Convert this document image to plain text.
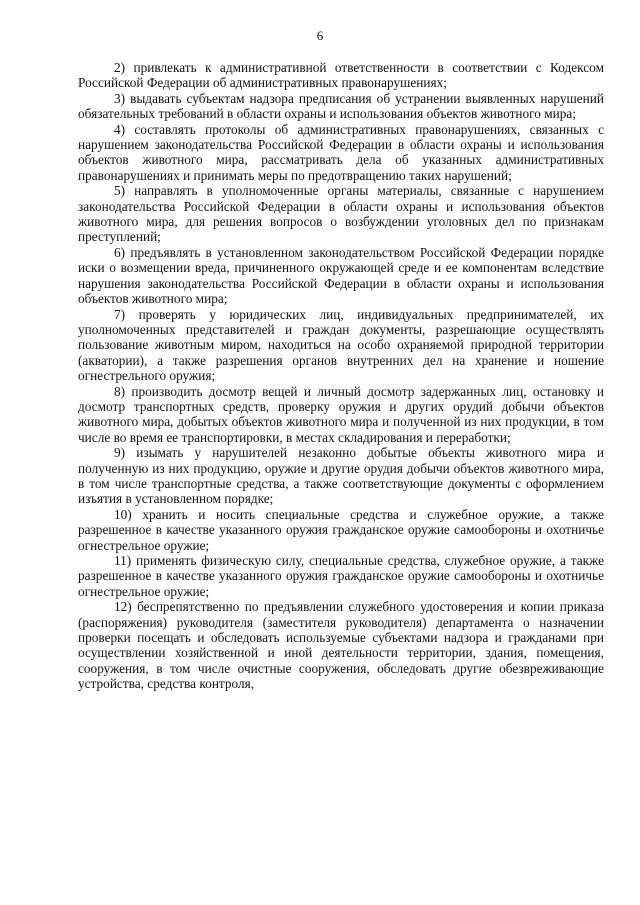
6

2) привлекать к административной ответственности в соответствии с Кодексом Российской Федерации об административных правонарушениях;

3) выдавать субъектам надзора предписания об устранении выявленных нарушений обязательных требований в области охраны и использования объектов животного мира;

4) составлять протоколы об административных правонарушениях, связанных с нарушением законодательства Российской Федерации в области охраны и использования объектов животного мира, рассматривать дела об указанных административных правонарушениях и принимать меры по предотвращению таких нарушений;

5) направлять в уполномоченные органы материалы, связанные с нарушением законодательства Российской Федерации в области охраны и использования объектов животного мира, для решения вопросов о возбуждении уголовных дел по признакам преступлений;

6) предъявлять в установленном законодательством Российской Федерации порядке иски о возмещении вреда, причиненного окружающей среде и ее компонентам вследствие нарушения законодательства Российской Федерации в области охраны и использования объектов животного мира;

7) проверять у юридических лиц, индивидуальных предпринимателей, их уполномоченных представителей и граждан документы, разрешающие осуществлять пользование животным миром, находиться на особо охраняемой природной территории (акватории), а также разрешения органов внутренних дел на хранение и ношение огнестрельного оружия;

8) производить досмотр вещей и личный досмотр задержанных лиц, остановку и досмотр транспортных средств, проверку оружия и других орудий добычи объектов животного мира, добытых объектов животного мира и полученной из них продукции, в том числе во время ее транспортировки, в местах складирования и переработки;

9) изымать у нарушителей незаконно добытые объекты животного мира и полученную из них продукцию, оружие и другие орудия добычи объектов животного мира, в том числе транспортные средства, а также соответствующие документы с оформлением изъятия в установленном порядке;

10) хранить и носить специальные средства и служебное оружие, а также разрешенное в качестве указанного оружия гражданское оружие самообороны и охотничье огнестрельное оружие;

11) применять физическую силу, специальные средства, служебное оружие, а также разрешенное в качестве указанного оружия гражданское оружие самообороны и охотничье огнестрельное оружие;

12) беспрепятственно по предъявлении служебного удостоверения и копии приказа (распоряжения) руководителя (заместителя руководителя) департамента о назначении проверки посещать и обследовать используемые субъектами надзора и гражданами при осуществлении хозяйственной и иной деятельности территории, здания, помещения, сооружения, в том числе очистные сооружения, обследовать другие обезвреживающие устройства, средства контроля,
